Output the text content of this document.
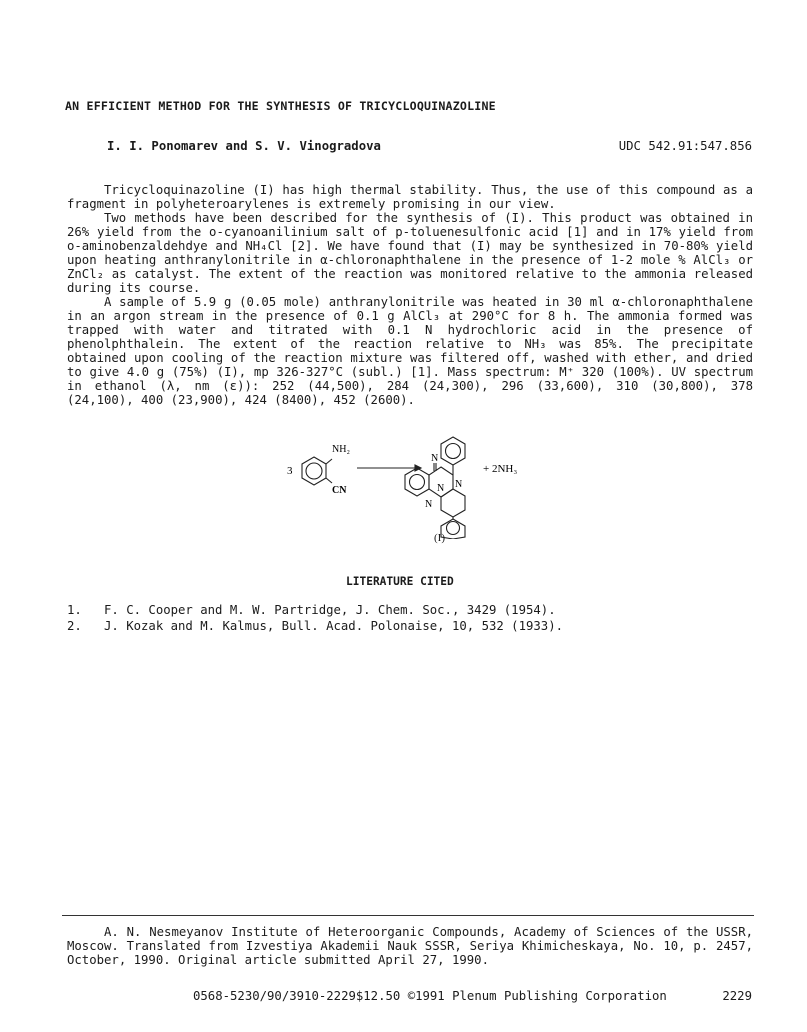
AN EFFICIENT METHOD FOR THE SYNTHESIS OF TRICYCLOQUINAZOLINE
I. I. Ponomarev and S. V. Vinogradova	UDC 542.91:547.856

Tricycloquinazoline (I) has high thermal stability. Thus, the use of this compound as a fragment in polyheteroarylenes is extremely promising in our view.

Two methods have been described for the synthesis of (I). This product was obtained in 26% yield from the o-cyanoanilinium salt of p-toluenesulfonic acid [1] and in 17% yield from o-aminobenzaldehdye and NH₄Cl [2]. We have found that (I) may be synthesized in 70-80% yield upon heating anthranylonitrile in α-chloronaphthalene in the presence of 1-2 mole % AlCl₃ or ZnCl₂ as catalyst. The extent of the reaction was monitored relative to the ammonia released during its course.

A sample of 5.9 g (0.05 mole) anthranylonitrile was heated in 30 ml α-chloronaphthalene in an argon stream in the presence of 0.1 g AlCl₃ at 290°C for 8 h. The ammonia formed was trapped with water and titrated with 0.1 N hydrochloric acid in the presence of phenolphthalein. The extent of the reaction relative to NH₃ was 85%. The precipitate obtained upon cooling of the reaction mixture was filtered off, washed with ether, and dried to give 4.0 g (75%) (I), mp 326-327°C (subl.) [1]. Mass spectrum: M⁺ 320 (100%). UV spectrum in ethanol (λ, nm (ε)): 252 (44,500), 284 (24,300), 296 (33,600), 310 (30,800), 378 (24,100), 400 (23,900), 424 (8400), 452 (2600).

3
NH₂
CN
N
N N
N
+ 2NH₃
(I)
LITERATURE CITED
1. F. C. Cooper and M. W. Partridge, J. Chem. Soc., 3429 (1954).
2. J. Kozak and M. Kalmus, Bull. Acad. Polonaise, 10, 532 (1933).

A. N. Nesmeyanov Institute of Heteroorganic Compounds, Academy of Sciences of the USSR, Moscow. Translated from Izvestiya Akademii Nauk SSSR, Seriya Khimicheskaya, No. 10, p. 2457, October, 1990. Original article submitted April 27, 1990.

0568-5230/90/3910-2229$12.50 ©1991 Plenum Publishing Corporation	2229
